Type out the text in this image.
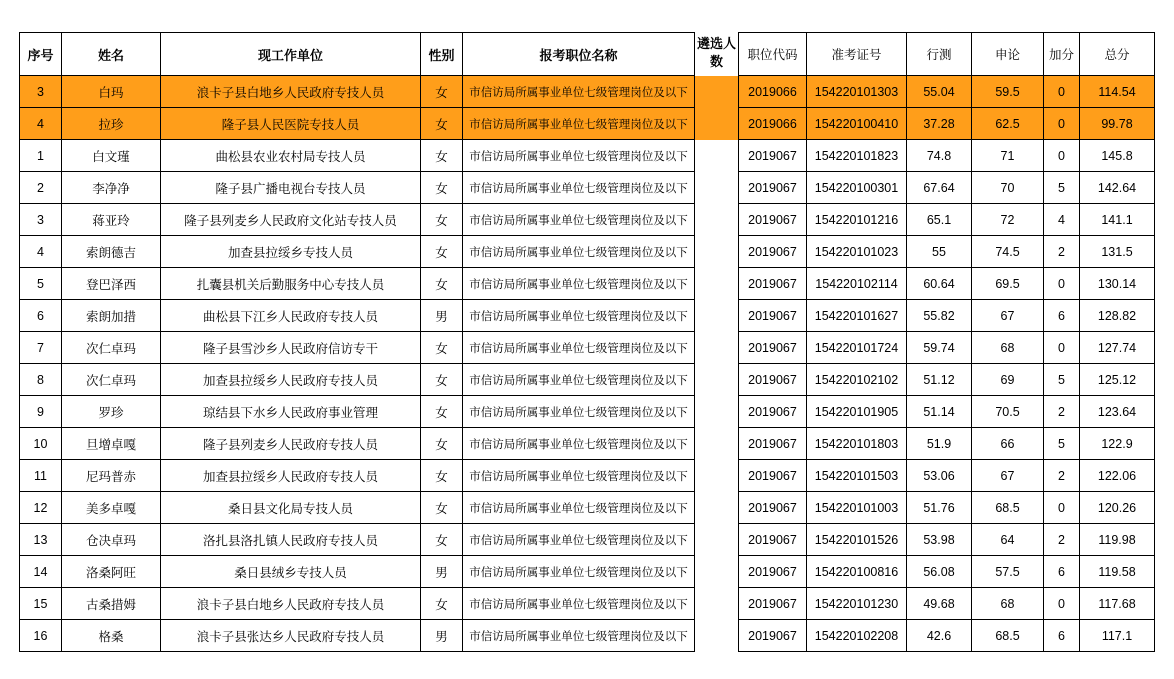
序号	姓名	现工作单位	性别	报考职位名称	遴选人数	职位代码	准考证号	行测	申论	加分	总分
3	白玛	浪卡子县白地乡人民政府专技人员	女	市信访局所属事业单位七级管理岗位及以下		2019066	154220101303	55.04	59.5	0	114.54
4	拉珍	隆子县人民医院专技人员	女	市信访局所属事业单位七级管理岗位及以下		2019066	154220100410	37.28	62.5	0	99.78
1	白文瑾	曲松县农业农村局专技人员	女	市信访局所属事业单位七级管理岗位及以下		2019067	154220101823	74.8	71	0	145.8
2	李净净	隆子县广播电视台专技人员	女	市信访局所属事业单位七级管理岗位及以下		2019067	154220100301	67.64	70	5	142.64
3	蒋亚玲	隆子县列麦乡人民政府文化站专技人员	女	市信访局所属事业单位七级管理岗位及以下		2019067	154220101216	65.1	72	4	141.1
4	索朗德吉	加查县拉绥乡专技人员	女	市信访局所属事业单位七级管理岗位及以下		2019067	154220101023	55	74.5	2	131.5
5	登巴泽西	扎囊县机关后勤服务中心专技人员	女	市信访局所属事业单位七级管理岗位及以下		2019067	154220102114	60.64	69.5	0	130.14
6	索朗加措	曲松县下江乡人民政府专技人员	男	市信访局所属事业单位七级管理岗位及以下		2019067	154220101627	55.82	67	6	128.82
7	次仁卓玛	隆子县雪沙乡人民政府信访专干	女	市信访局所属事业单位七级管理岗位及以下		2019067	154220101724	59.74	68	0	127.74
8	次仁卓玛	加查县拉绥乡人民政府专技人员	女	市信访局所属事业单位七级管理岗位及以下		2019067	154220102102	51.12	69	5	125.12
9	罗珍	琼结县下水乡人民政府事业管理	女	市信访局所属事业单位七级管理岗位及以下		2019067	154220101905	51.14	70.5	2	123.64
10	旦增卓嘎	隆子县列麦乡人民政府专技人员	女	市信访局所属事业单位七级管理岗位及以下		2019067	154220101803	51.9	66	5	122.9
11	尼玛普赤	加查县拉绥乡人民政府专技人员	女	市信访局所属事业单位七级管理岗位及以下		2019067	154220101503	53.06	67	2	122.06
12	美多卓嘎	桑日县文化局专技人员	女	市信访局所属事业单位七级管理岗位及以下		2019067	154220101003	51.76	68.5	0	120.26
13	仓决卓玛	洛扎县洛扎镇人民政府专技人员	女	市信访局所属事业单位七级管理岗位及以下		2019067	154220101526	53.98	64	2	119.98
14	洛桑阿旺	桑日县绒乡专技人员	男	市信访局所属事业单位七级管理岗位及以下		2019067	154220100816	56.08	57.5	6	119.58
15	古桑措姆	浪卡子县白地乡人民政府专技人员	女	市信访局所属事业单位七级管理岗位及以下		2019067	154220101230	49.68	68	0	117.68
16	格桑	浪卡子县张达乡人民政府专技人员	男	市信访局所属事业单位七级管理岗位及以下		2019067	154220102208	42.6	68.5	6	117.1
